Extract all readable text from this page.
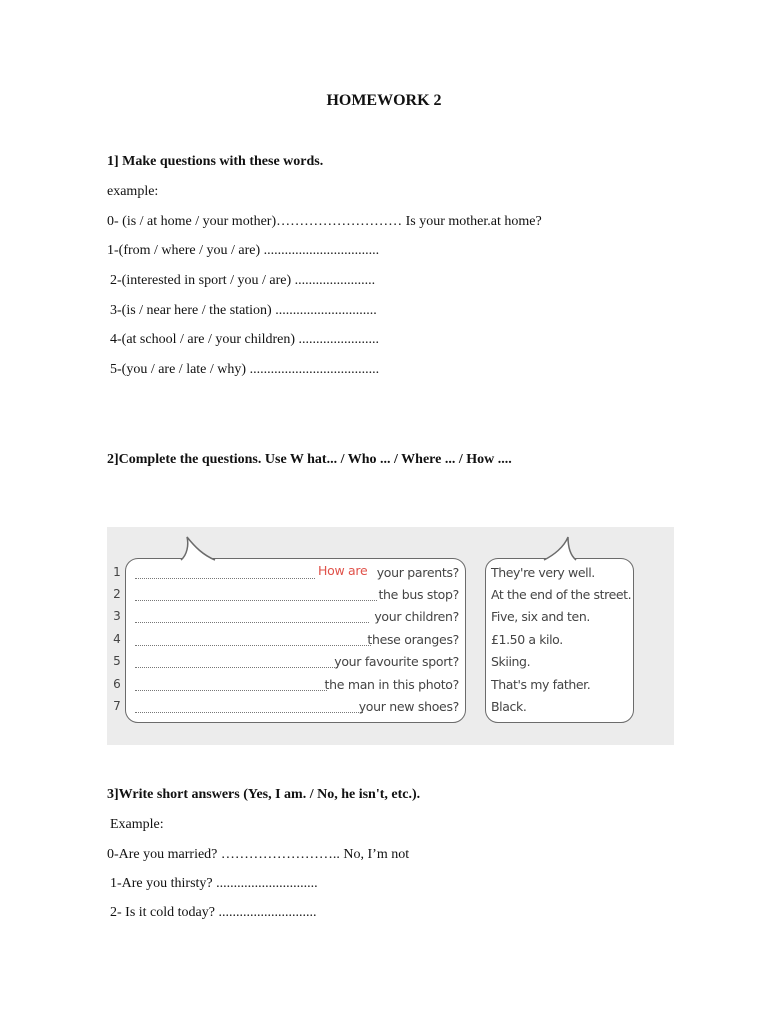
HOMEWORK 2
1] Make questions with these words.
example:
0- (is / at home / your mother)……………………… Is your mother.at home?
1-(from / where / you / are) .................................
2-(interested in sport / you / are) .......................
3-(is / near here / the station) .............................
4-(at school / are / your children) .......................
5-(you / are / late / why) .....................................
2]Complete the questions. Use W hat... / Who ... / Where ... / How ....
1
2
3
4
5
6
7
How are your parents?
the bus stop?
your children?
these oranges?
your favourite sport?
the man in this photo?
your new shoes?
They're very well.
At the end of the street.
Five, six and ten.
£1.50 a kilo.
Skiing.
That's my father.
Black.
3]Write short answers (Yes, I am. / No, he isn't, etc.).
Example:
0-Are you married? …………………….. No, I’m not
1-Are you thirsty? .............................
2- Is it cold today? ............................
